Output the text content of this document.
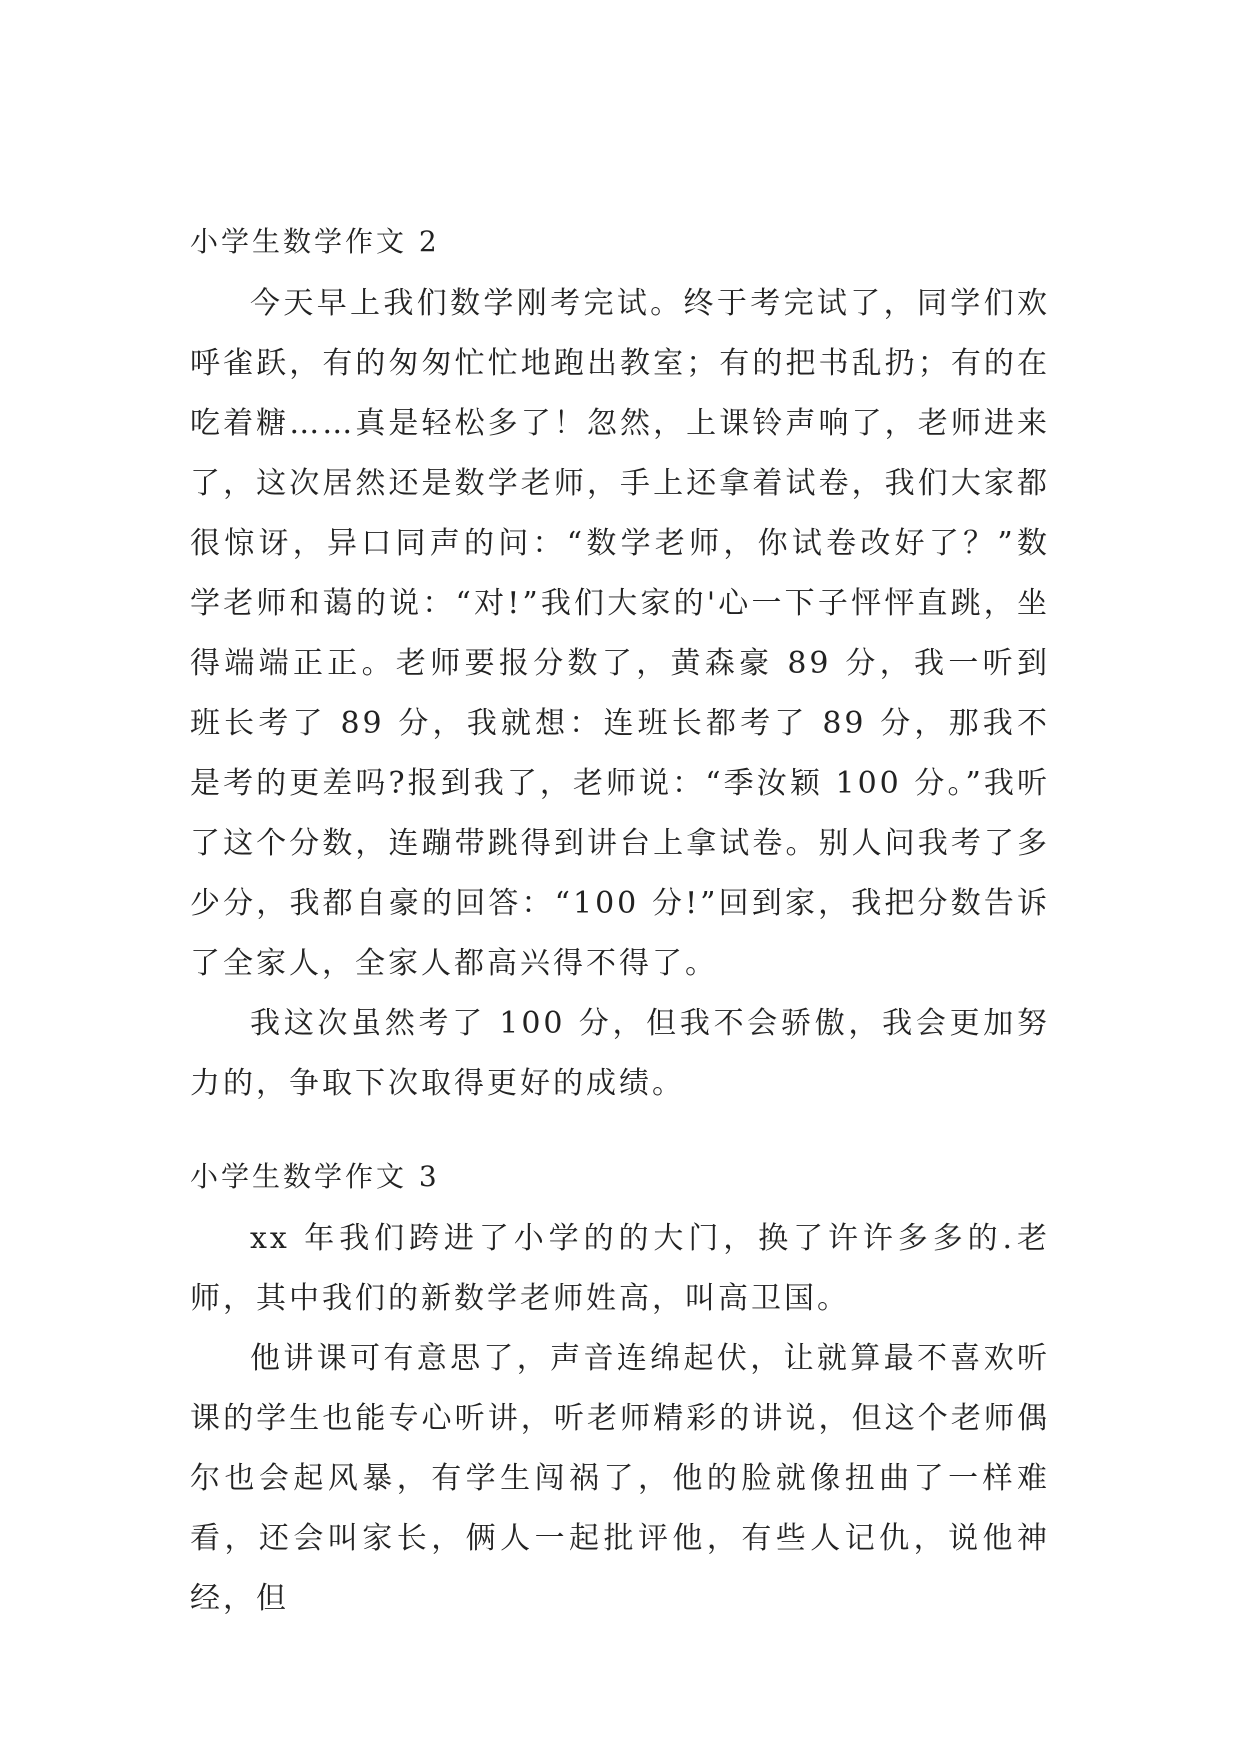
小学生数学作文 2

今天早上我们数学刚考完试。终于考完试了，同学们欢呼雀跃，有的匆匆忙忙地跑出教室；有的把书乱扔；有的在吃着糖……真是轻松多了！忽然，上课铃声响了，老师进来了，这次居然还是数学老师，手上还拿着试卷，我们大家都很惊讶，异口同声的问：“数学老师，你试卷改好了？”数学老师和蔼的说：“对!”我们大家的'心一下子怦怦直跳，坐得端端正正。老师要报分数了，黄森豪 89 分，我一听到班长考了 89 分，我就想：连班长都考了 89 分，那我不是考的更差吗?报到我了，老师说：“季汝颖 100 分。”我听了这个分数，连蹦带跳得到讲台上拿试卷。别人问我考了多少分，我都自豪的回答：“100 分!”回到家，我把分数告诉了全家人，全家人都高兴得不得了。

我这次虽然考了 100 分，但我不会骄傲，我会更加努力的，争取下次取得更好的成绩。

小学生数学作文 3

xx 年我们跨进了小学的的大门，换了许许多多的.老师，其中我们的新数学老师姓高，叫高卫国。

他讲课可有意思了，声音连绵起伏，让就算最不喜欢听课的学生也能专心听讲，听老师精彩的讲说，但这个老师偶尔也会起风暴，有学生闯祸了，他的脸就像扭曲了一样难看，还会叫家长，俩人一起批评他，有些人记仇，说他神经，但
